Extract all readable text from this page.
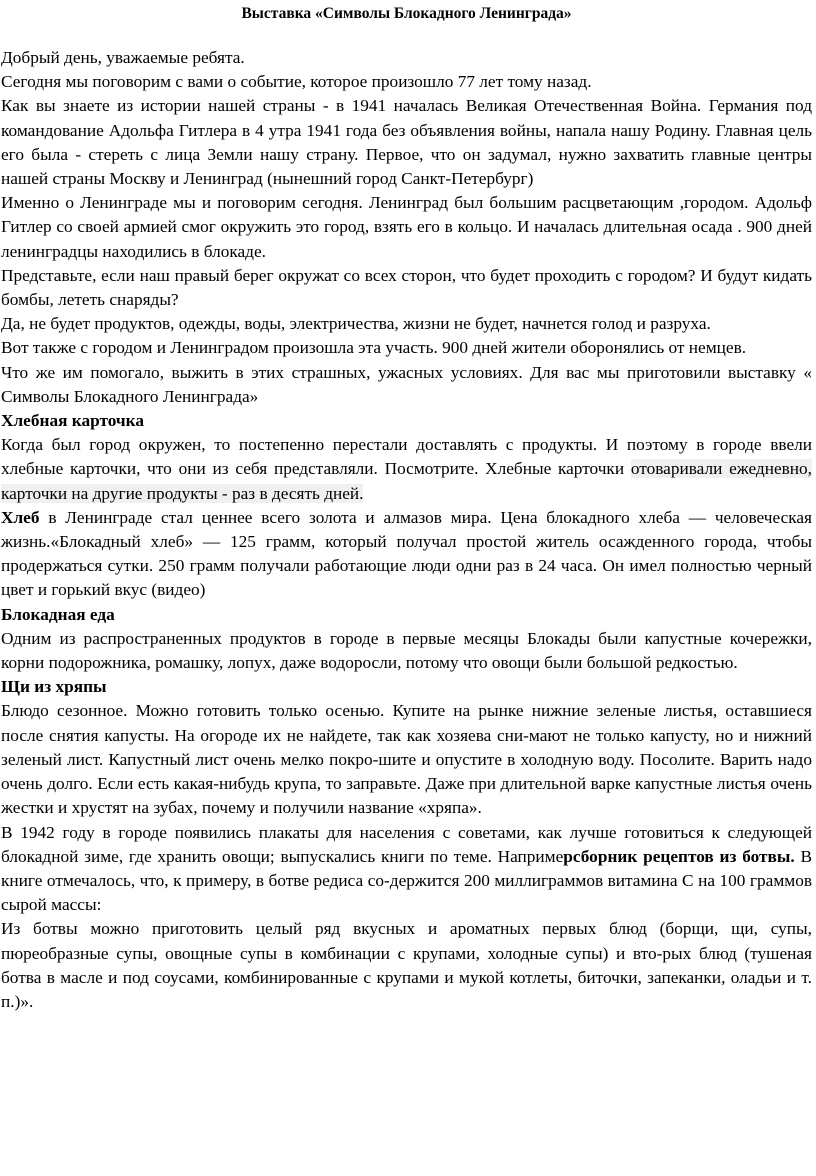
Выставка «Символы Блокадного Ленинграда»

Добрый день, уважаемые ребята.

Сегодня мы поговорим с вами о событие, которое произошло 77 лет тому назад.

Как вы знаете из истории нашей страны - в 1941 началась Великая Отечественная Война. Германия под командование Адольфа Гитлера в 4 утра 1941 года без объявления войны, напала нашу Родину. Главная цель его была - стереть с лица Земли нашу страну. Первое, что он задумал, нужно захватить главные центры нашей страны Москву и Ленинград (нынешний город Санкт-Петербург)

Именно о Ленинграде мы и поговорим сегодня. Ленинград был большим расцветающим ,городом. Адольф Гитлер со своей армией смог окружить это город, взять его в кольцо. И началась длительная осада . 900 дней ленинградцы находились в блокаде.

Представьте, если наш правый берег окружат со всех сторон, что будет проходить с городом? И будут кидать бомбы, лететь снаряды?

Да, не будет продуктов, одежды, воды, электричества, жизни не будет, начнется голод и разруха.

Вот также с городом и Ленинградом произошла эта участь. 900 дней жители оборонялись от немцев.

Что же им помогало, выжить в этих страшных, ужасных условиях. Для вас мы приготовили выставку « Символы Блокадного Ленинграда»

Хлебная карточка

Когда был город окружен, то постепенно перестали доставлять с продукты. И поэтому в городе ввели хлебные карточки, что они из себя представляли. Посмотрите. Хлебные карточки отоваривали ежедневно, карточки на другие продукты - раз в десять дней.

Хлеб в Ленинграде стал ценнее всего золота и алмазов мира. Цена блокадного хлеба — человеческая жизнь.«Блокадный хлеб» — 125 грамм, который получал простой житель осажденного города, чтобы продержаться сутки. 250 грамм получали работающие люди одни раз в 24 часа. Он имел полностью черный цвет и горький вкус (видео)

Блокадная еда

Одним из распространенных продуктов в городе в первые месяцы Блокады были капустные кочережки, корни подорожника, ромашку, лопух, даже водоросли, потому что овощи были большой редкостью.

Щи из хряпы

Блюдо сезонное. Можно готовить только осенью. Купите на рынке нижние зеленые листья, оставшиеся после снятия капусты. На огороде их не найдете, так как хозяева сни-мают не только капусту, но и нижний зеленый лист. Капустный лист очень мелко покро-шите и опустите в холодную воду. Посолите. Варить надо очень долго. Если есть какая-нибудь крупа, то заправьте. Даже при длительной варке капустные листья очень жестки и хрустят на зубах, почему и получили название «хряпа».

В 1942 году в городе появились плакаты для населения с советами, как лучше готовиться к следующей блокадной зиме, где хранить овощи; выпускались книги по теме. Напримерсборник рецептов из ботвы. В книге отмечалось, что, к примеру, в ботве редиса со-держится 200 миллиграммов витамина С на 100 граммов сырой массы:

Из ботвы можно приготовить целый ряд вкусных и ароматных первых блюд (борщи, щи, супы, пюреобразные супы, овощные супы в комбинации с крупами, холодные супы) и вто-рых блюд (тушеная ботва в масле и под соусами, комбинированные с крупами и мукой котлеты, биточки, запеканки, оладьи и т. п.)».
